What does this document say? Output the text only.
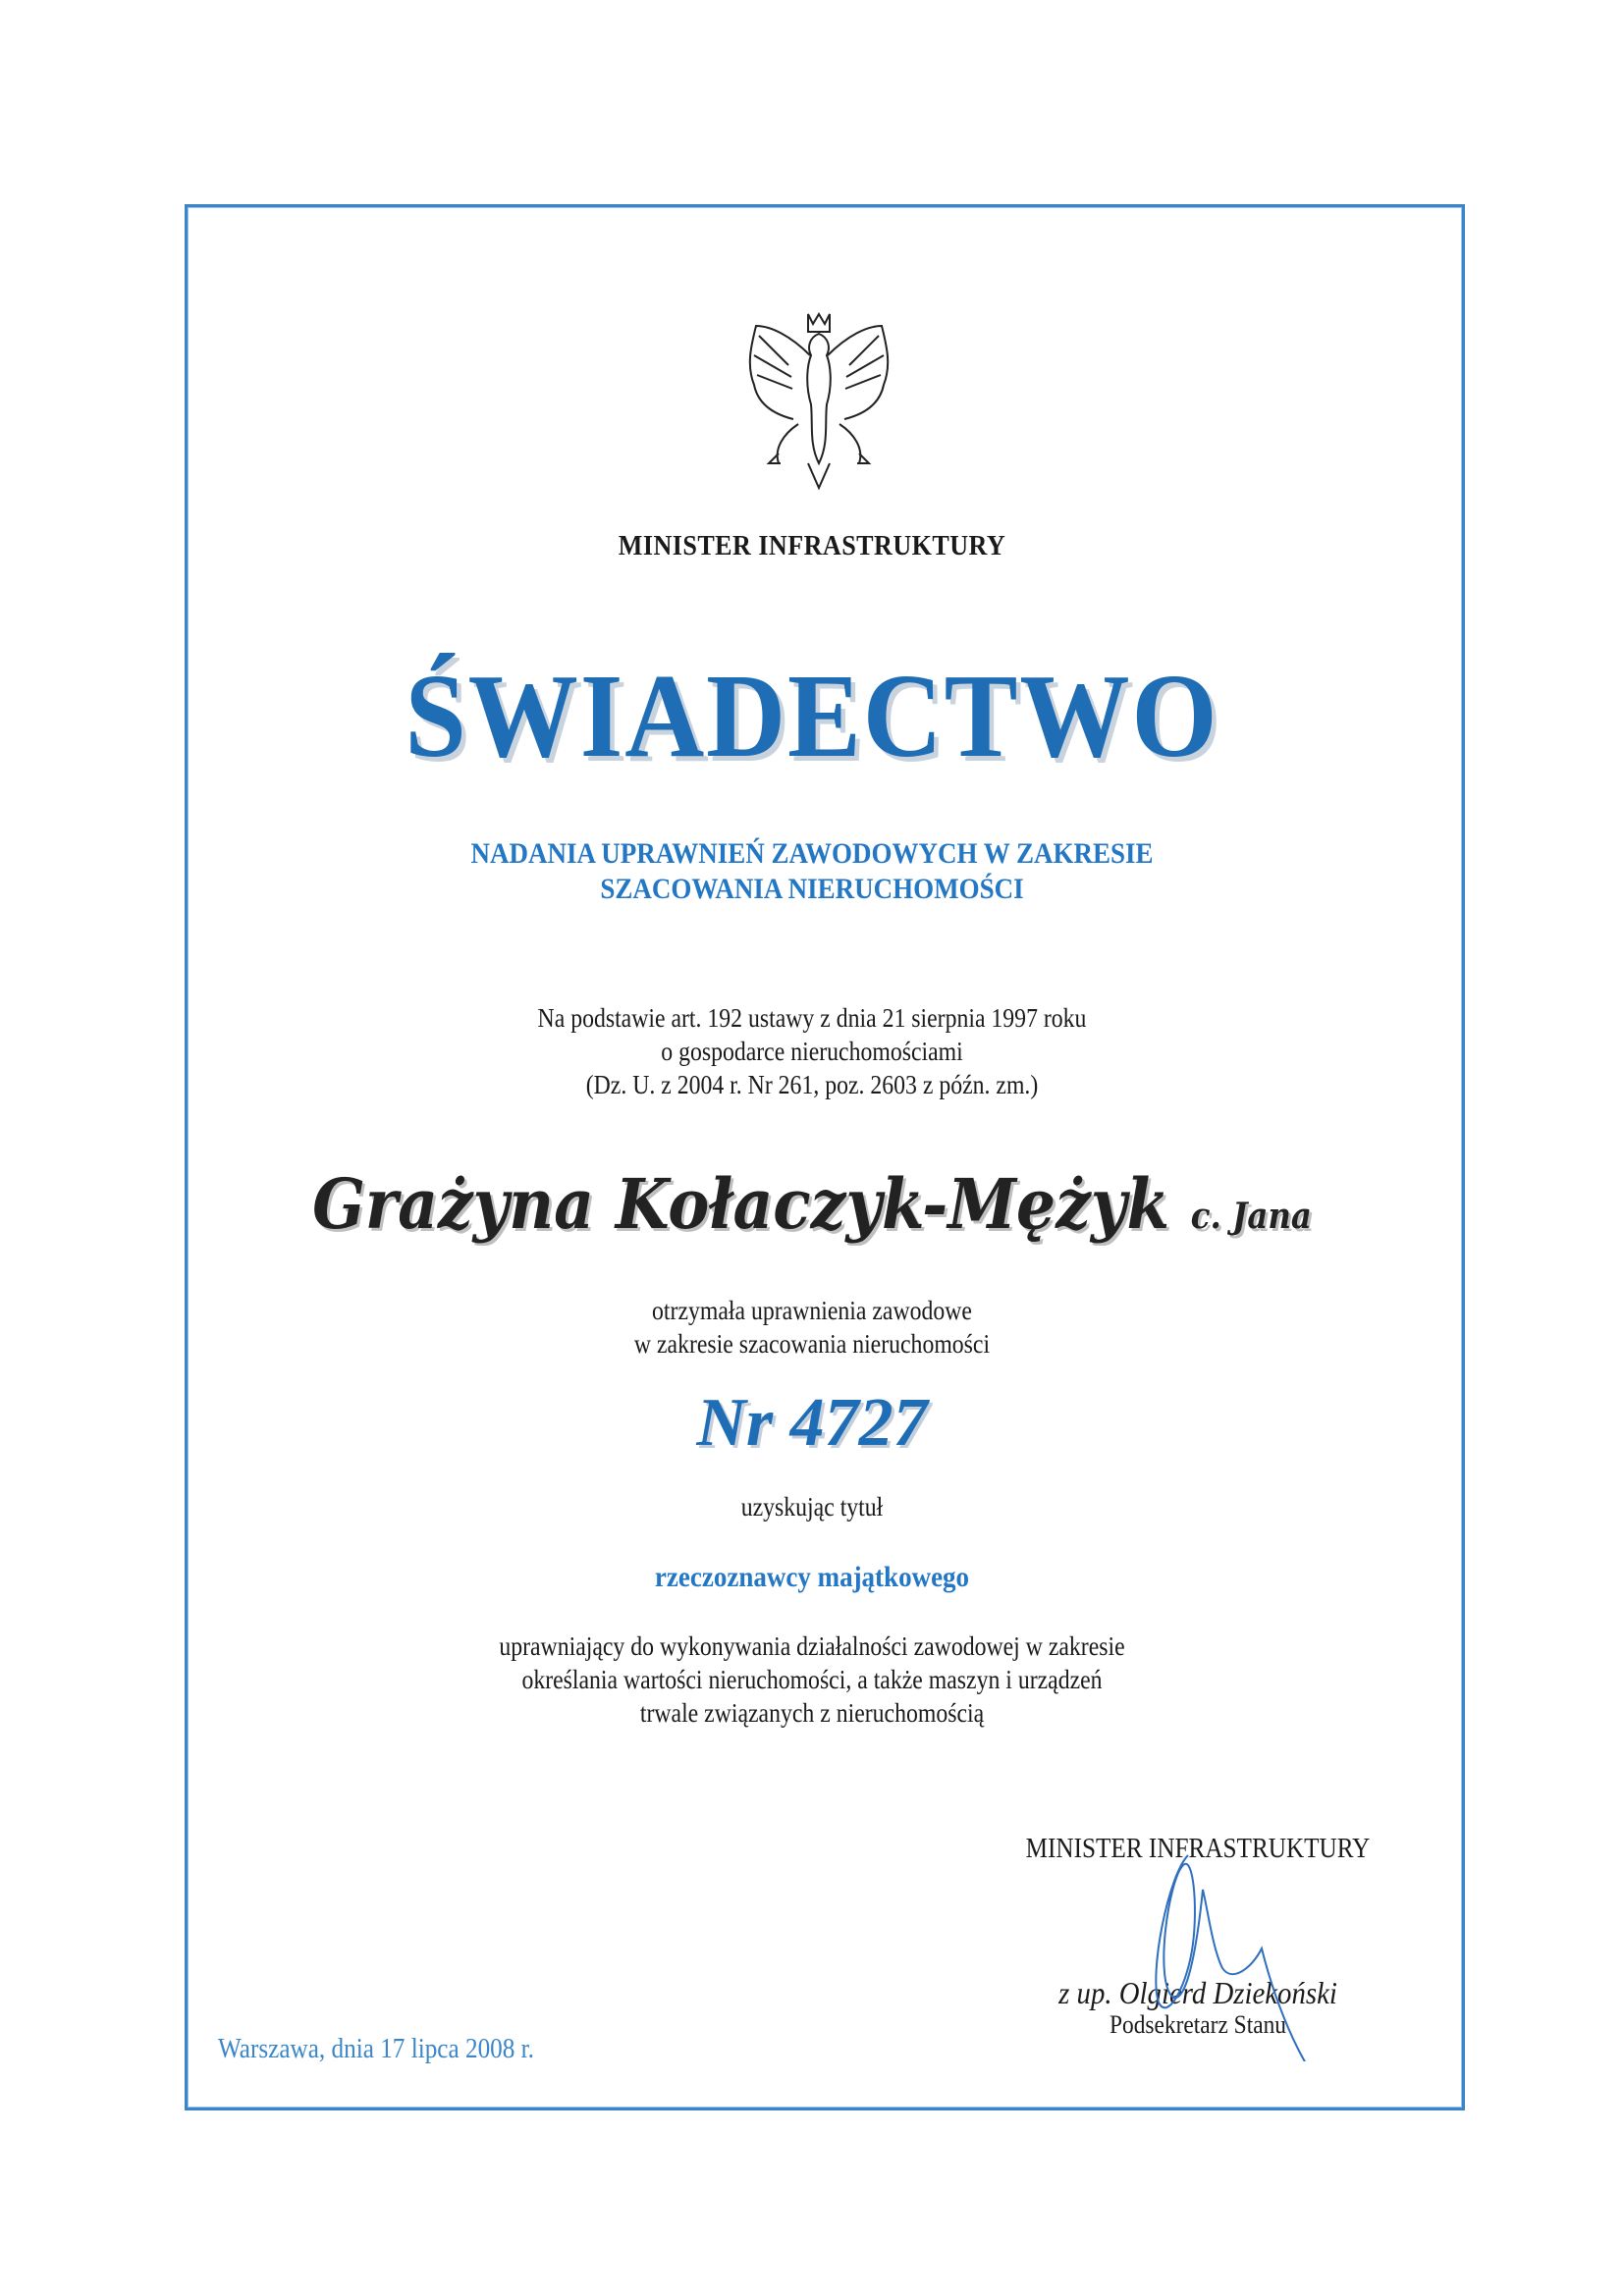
MINISTER INFRASTRUKTURY
ŚWIADECTWO
NADANIA UPRAWNIEŃ ZAWODOWYCH W ZAKRESIE
SZACOWANIA NIERUCHOMOŚCI
Na podstawie art. 192 ustawy z dnia 21 sierpnia 1997 roku
o gospodarce nieruchomościami
(Dz. U. z 2004 r. Nr 261, poz. 2603 z późn. zm.)
Grażyna Kołaczyk-Mężyk c. Jana
otrzymała uprawnienia zawodowe
w zakresie szacowania nieruchomości
Nr 4727
uzyskując tytuł
rzeczoznawcy majątkowego
uprawniający do wykonywania działalności zawodowej w zakresie
określania wartości nieruchomości, a także maszyn i urządzeń
trwale związanych z nieruchomością
MINISTER INFRASTRUKTURY
z up. Olgierd Dziekoński
Podsekretarz Stanu
Warszawa, dnia 17 lipca 2008 r.
